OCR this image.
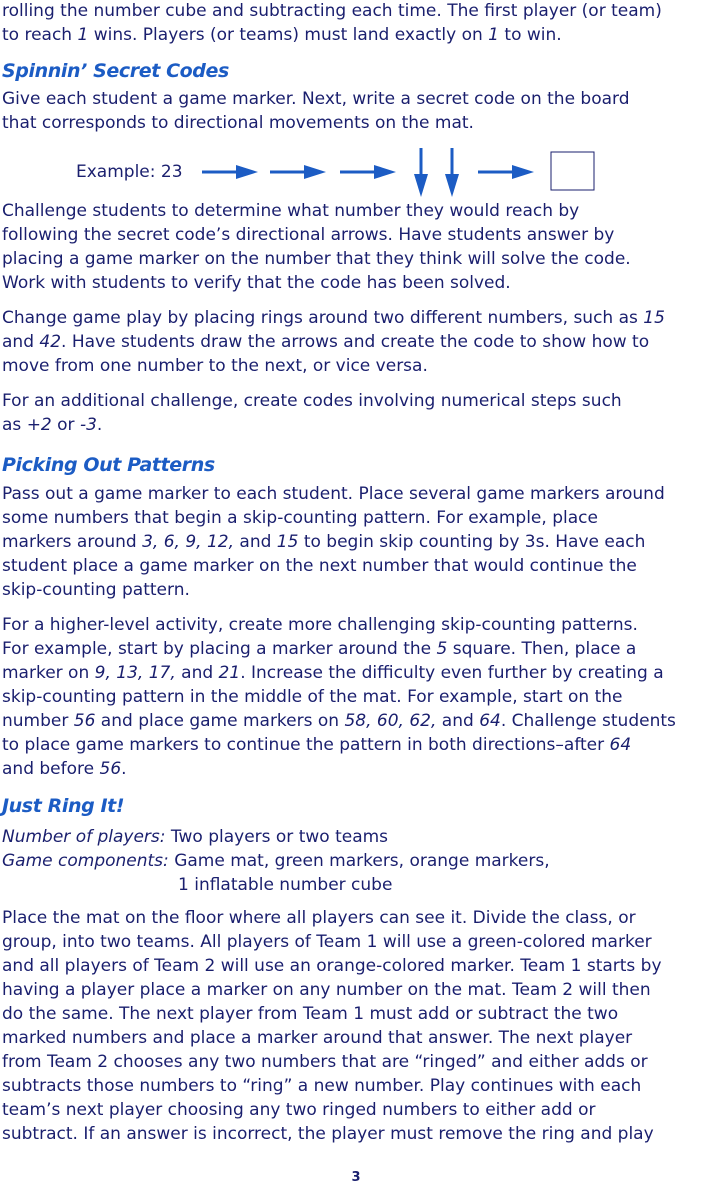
rolling the number cube and subtracting each time. The first player (or team)
to reach 1 wins. Players (or teams) must land exactly on 1 to win.

Spinnin’ Secret Codes

Give each student a game marker. Next, write a secret code on the board
that corresponds to directional movements on the mat.

Example: 23

Challenge students to determine what number they would reach by
following the secret code’s directional arrows. Have students answer by
placing a game marker on the number that they think will solve the code.
Work with students to verify that the code has been solved.

Change game play by placing rings around two different numbers, such as 15
and 42. Have students draw the arrows and create the code to show how to
move from one number to the next, or vice versa.

For an additional challenge, create codes involving numerical steps such
as +2 or -3.

Picking Out Patterns

Pass out a game marker to each student. Place several game markers around
some numbers that begin a skip-counting pattern. For example, place
markers around 3, 6, 9, 12, and 15 to begin skip counting by 3s. Have each
student place a game marker on the next number that would continue the
skip-counting pattern.

For a higher-level activity, create more challenging skip-counting patterns.
For example, start by placing a marker around the 5 square. Then, place a
marker on 9, 13, 17, and 21. Increase the difficulty even further by creating a
skip-counting pattern in the middle of the mat. For example, start on the
number 56 and place game markers on 58, 60, 62, and 64. Challenge students
to place game markers to continue the pattern in both directions–after 64
and before 56.

Just Ring It!
Number of players: Two players or two teams
Game components: Game mat, green markers, orange markers,
1 inflatable number cube

Place the mat on the floor where all players can see it. Divide the class, or
group, into two teams. All players of Team 1 will use a green-colored marker
and all players of Team 2 will use an orange-colored marker. Team 1 starts by
having a player place a marker on any number on the mat. Team 2 will then
do the same. The next player from Team 1 must add or subtract the two
marked numbers and place a marker around that answer. The next player
from Team 2 chooses any two numbers that are “ringed” and either adds or
subtracts those numbers to “ring” a new number. Play continues with each
team’s next player choosing any two ringed numbers to either add or
subtract. If an answer is incorrect, the player must remove the ring and play

3
